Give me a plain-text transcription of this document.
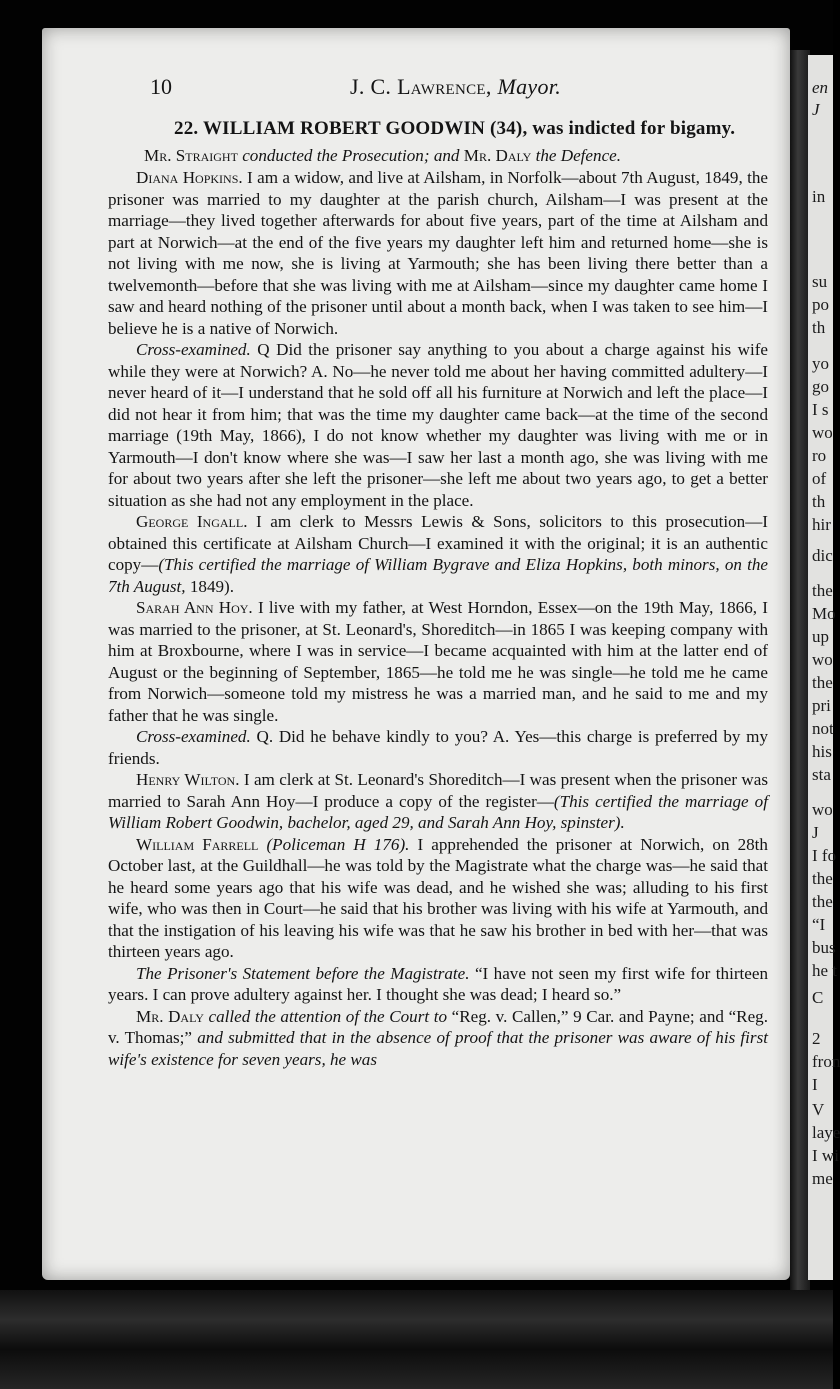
en
J
in
su
po
th
yo
go
I s
wo
ro
of
th
hir
dic
the
Mo
up
wo
the
pri
not
his
sta
wo
J
I fo
the
the
“I
bus
he t
C
2
fron
I
V
laye
I wi
me
10	J. C. Lawrence, Mayor.

22. WILLIAM ROBERT GOODWIN (34), was indicted for bigamy.

Mr. Straight conducted the Prosecution; and Mr. Daly the Defence.

Diana Hopkins. I am a widow, and live at Ailsham, in Norfolk—about 7th August, 1849, the prisoner was married to my daughter at the parish church, Ailsham—I was present at the marriage—they lived together afterwards for about five years, part of the time at Ailsham and part at Norwich—at the end of the five years my daughter left him and returned home—she is not living with me now, she is living at Yarmouth; she has been living there better than a twelvemonth—before that she was living with me at Ailsham—since my daughter came home I saw and heard nothing of the prisoner until about a month back, when I was taken to see him—I believe he is a native of Norwich.

Cross-examined. Q Did the prisoner say anything to you about a charge against his wife while they were at Norwich? A. No—he never told me about her having committed adultery—I never heard of it—I understand that he sold off all his furniture at Norwich and left the place—I did not hear it from him; that was the time my daughter came back—at the time of the second marriage (19th May, 1866), I do not know whether my daughter was living with me or in Yarmouth—I don't know where she was—I saw her last a month ago, she was living with me for about two years after she left the prisoner—she left me about two years ago, to get a better situation as she had not any employment in the place.

George Ingall. I am clerk to Messrs Lewis & Sons, solicitors to this prosecution—I obtained this certificate at Ailsham Church—I examined it with the original; it is an authentic copy—(This certified the marriage of William Bygrave and Eliza Hopkins, both minors, on the 7th August, 1849).

Sarah Ann Hoy. I live with my father, at West Horndon, Essex—on the 19th May, 1866, I was married to the prisoner, at St. Leonard's, Shoreditch—in 1865 I was keeping company with him at Broxbourne, where I was in service—I became acquainted with him at the latter end of August or the beginning of September, 1865—he told me he was single—he told me he came from Norwich—someone told my mistress he was a married man, and he said to me and my father that he was single.

Cross-examined. Q. Did he behave kindly to you? A. Yes—this charge is preferred by my friends.

Henry Wilton. I am clerk at St. Leonard's Shoreditch—I was present when the prisoner was married to Sarah Ann Hoy—I produce a copy of the register—(This certified the marriage of William Robert Goodwin, bachelor, aged 29, and Sarah Ann Hoy, spinster).

William Farrell (Policeman H 176). I apprehended the prisoner at Norwich, on 28th October last, at the Guildhall—he was told by the Magistrate what the charge was—he said that he heard some years ago that his wife was dead, and he wished she was; alluding to his first wife, who was then in Court—he said that his brother was living with his wife at Yarmouth, and that the instigation of his leaving his wife was that he saw his brother in bed with her—that was thirteen years ago.

The Prisoner's Statement before the Magistrate. “I have not seen my first wife for thirteen years. I can prove adultery against her. I thought she was dead; I heard so.”

Mr. Daly called the attention of the Court to “Reg. v. Callen,” 9 Car. and Payne; and “Reg. v. Thomas;” and submitted that in the absence of proof that the prisoner was aware of his first wife's existence for seven years, he was
